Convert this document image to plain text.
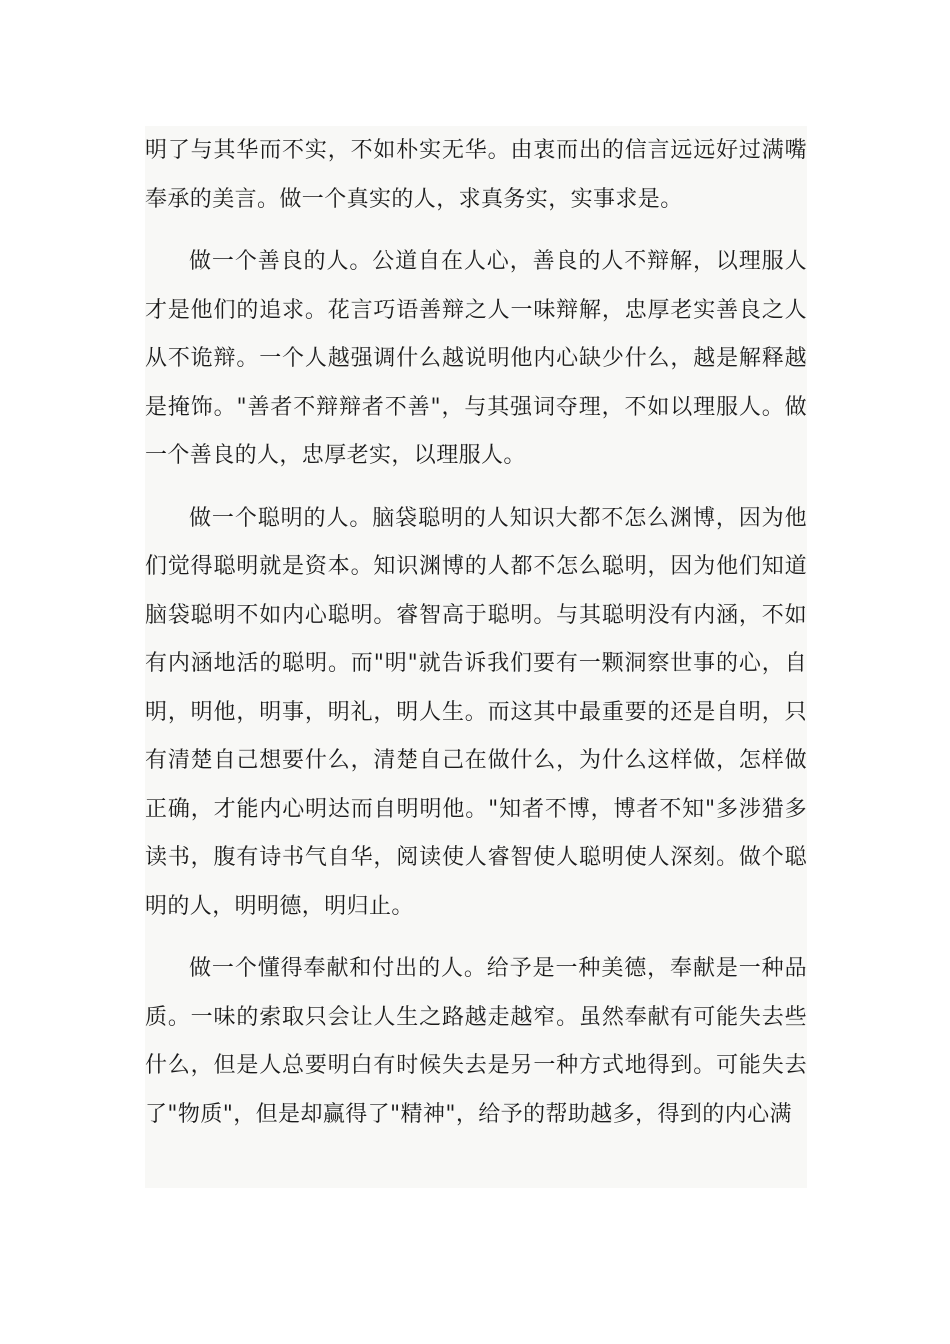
明了与其华而不实，不如朴实无华。由衷而出的信言远远好过满嘴奉承的美言。做一个真实的人，求真务实，实事求是。

做一个善良的人。公道自在人心，善良的人不辩解，以理服人才是他们的追求。花言巧语善辩之人一味辩解，忠厚老实善良之人从不诡辩。一个人越强调什么越说明他内心缺少什么，越是解释越是掩饰。"善者不辩辩者不善"，与其强词夺理，不如以理服人。做一个善良的人，忠厚老实，以理服人。

做一个聪明的人。脑袋聪明的人知识大都不怎么渊博，因为他们觉得聪明就是资本。知识渊博的人都不怎么聪明，因为他们知道脑袋聪明不如内心聪明。睿智高于聪明。与其聪明没有内涵，不如有内涵地活的聪明。而"明"就告诉我们要有一颗洞察世事的心，自明，明他，明事，明礼，明人生。而这其中最重要的还是自明，只有清楚自己想要什么，清楚自己在做什么，为什么这样做，怎样做正确，才能内心明达而自明明他。"知者不博，博者不知"多涉猎多读书，腹有诗书气自华，阅读使人睿智使人聪明使人深刻。做个聪明的人，明明德，明归止。

做一个懂得奉献和付出的人。给予是一种美德，奉献是一种品质。一味的索取只会让人生之路越走越窄。虽然奉献有可能失去些什么，但是人总要明白有时候失去是另一种方式地得到。可能失去了"物质"，但是却赢得了"精神"，给予的帮助越多，得到的内心满
